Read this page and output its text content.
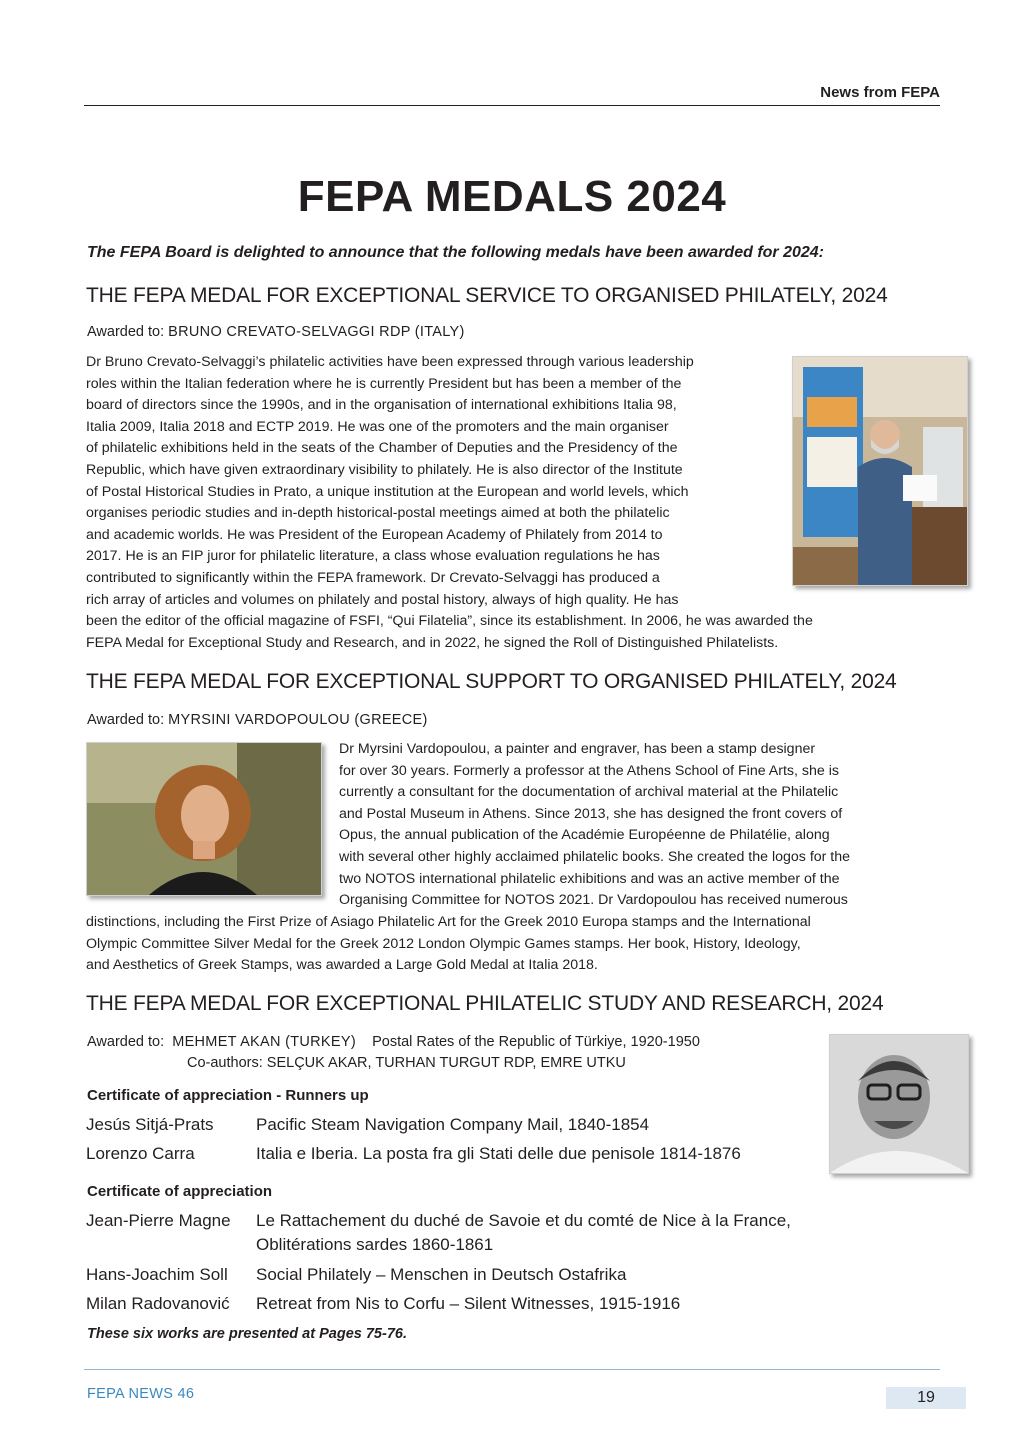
News from FEPA
FEPA MEDALS 2024
The FEPA Board is delighted to announce that the following medals have been awarded for 2024:
THE FEPA MEDAL FOR EXCEPTIONAL SERVICE TO ORGANISED PHILATELY, 2024
Awarded to: BRUNO CREVATO-SELVAGGI RDP (ITALY)

Dr Bruno Crevato-Selvaggi’s philatelic activities have been expressed through various leadership

roles within the Italian federation where he is currently President but has been a member of the

board of directors since the 1990s, and in the organisation of international exhibitions Italia 98,

Italia 2009, Italia 2018 and ECTP 2019. He was one of the promoters and the main organiser

of philatelic exhibitions held in the seats of the Chamber of Deputies and the Presidency of the

Republic, which have given extraordinary visibility to philately. He is also director of the Institute

of Postal Historical Studies in Prato, a unique institution at the European and world levels, which

organises periodic studies and in-depth historical-postal meetings aimed at both the philatelic

and academic worlds. He was President of the European Academy of Philately from 2014 to

2017. He is an FIP juror for philatelic literature, a class whose evaluation regulations he has

contributed to significantly within the FEPA framework. Dr Crevato-Selvaggi has produced a

rich array of articles and volumes on philately and postal history, always of high quality. He has

been the editor of the official magazine of FSFI, “Qui Filatelia”, since its establishment. In 2006, he was awarded the

FEPA Medal for Exceptional Study and Research, and in 2022, he signed the Roll of Distinguished Philatelists.

THE FEPA MEDAL FOR EXCEPTIONAL SUPPORT TO ORGANISED PHILATELY, 2024
Awarded to: MYRSINI VARDOPOULOU (GREECE)

Dr Myrsini Vardopoulou, a painter and engraver, has been a stamp designer

for over 30 years. Formerly a professor at the Athens School of Fine Arts, she is

currently a consultant for the documentation of archival material at the Philatelic

and Postal Museum in Athens. Since 2013, she has designed the front covers of

Opus, the annual publication of the Académie Européenne de Philatélie, along

with several other highly acclaimed philatelic books. She created the logos for the

two NOTOS international philatelic exhibitions and was an active member of the

Organising Committee for NOTOS 2021. Dr Vardopoulou has received numerous

distinctions, including the First Prize of Asiago Philatelic Art for the Greek 2010 Europa stamps and the International

Olympic Committee Silver Medal for the Greek 2012 London Olympic Games stamps. Her book, History, Ideology,

and Aesthetics of Greek Stamps, was awarded a Large Gold Medal at Italia 2018.

THE FEPA MEDAL FOR EXCEPTIONAL PHILATELIC STUDY AND RESEARCH, 2024
Awarded to: MEHMET AKAN (TURKEY) Postal Rates of the Republic of Türkiye, 1920-1950
Co-authors: SELÇUK AKAR, TURHAN TURGUT RDP, EMRE UTKU
Certificate of appreciation - Runners up
Jesús Sitjá-Prats Pacific Steam Navigation Company Mail, 1840-1854
Lorenzo Carra	Italia e Iberia. La posta fra gli Stati delle due penisole 1814-1876
Certificate of appreciation
Jean-Pierre Magne Le Rattachement du duché de Savoie et du comté de Nice à la France,
Oblitérations sardes 1860-1861
Hans-Joachim Soll Social Philately – Menschen in Deutsch Ostafrika
Milan Radovanović Retreat from Nis to Corfu – Silent Witnesses, 1915-1916
These six works are presented at Pages 75-76.
FEPA NEWS 46	19
